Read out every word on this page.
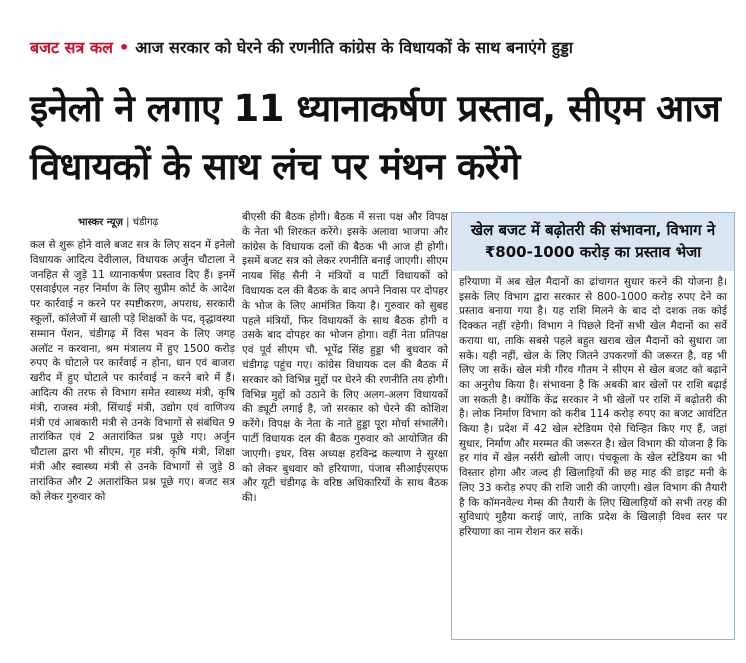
बजट सत्र कल • आज सरकार को घेरने की रणनीति कांग्रेस के विधायकों के साथ बनाएंगे हुड्डा
इनेलो ने लगाए 11 ध्यानाकर्षण प्रस्ताव, सीएम आज विधायकों के साथ लंच पर मंथन करेंगे
भास्कर न्यूज़ | चंडीगढ़
कल से शुरू होने वाले बजट सत्र के लिए सदन में इनेलो विधायक आदित्य देवीलाल, विधायक अर्जुन चौटाला ने जनहित से जुड़े 11 ध्यानाकर्षण प्रस्ताव दिए हैं। इनमें एसवाईएल नहर निर्माण के लिए सुप्रीम कोर्ट के आदेश पर कार्रवाई न करने पर स्पष्टीकरण, अपराध, सरकारी स्कूलों, कॉलेजों में खाली पड़े शिक्षकों के पद, वृद्धावस्था सम्मान पेंशन, चंडीगढ़ में विस भवन के लिए जगह अलॉट न करवाना, श्रम मंत्रालय में हुए 1500 करोड़ रुपए के घोटाले पर कार्रवाई न होना, धान एवं बाजरा खरीद में हुए घोटाले पर कार्रवाई न करने बारे में हैं। आदित्य की तरफ से विभाग समेत स्वास्थ्य मंत्री, कृषि मंत्री, राजस्व मंत्री, सिंचाई मंत्री, उद्योग एवं वाणिज्य मंत्री एवं आबकारी मंत्री से उनके विभागों से संबंधित 9 तारांकित एवं 2 अतारांकित प्रश्न पूछे गए। अर्जुन चौटाला द्वारा भी सीएम, गृह मंत्री, कृषि मंत्री, शिक्षा मंत्री और स्वास्थ्य मंत्री से उनके विभागों से जुड़े 8 तारांकित और 2 अतारांकित प्रश्न पूछे गए। बजट सत्र को लेकर गुरुवार को
बीएसी की बैठक होगी। बैठक में सत्ता पक्ष और विपक्ष के नेता भी शिरकत करेंगे। इसके अलावा भाजपा और कांग्रेस के विधायक दलों की बैठक भी आज ही होगी। इसमें बजट सत्र को लेकर रणनीति बनाई जाएगी। सीएम नायब सिंह सैनी ने मंत्रियों व पार्टी विधायकों को विधायक दल की बैठक के बाद अपने निवास पर दोपहर के भोज के लिए आमंत्रित किया है। गुरुवार को सुबह पहले मंत्रियों, फिर विधायकों के साथ बैठक होगी व उसके बाद दोपहर का भोजन होगा। वहीं नेता प्रतिपक्ष एवं पूर्व सीएम चौ. भूपेंद्र सिंह हुड्डा भी बुधवार को चंडीगढ़ पहुंच गए। कांग्रेस विधायक दल की बैठक में सरकार को विभिन्न मुद्दों पर घेरने की रणनीति तय होगी। विभिन्न मुद्दों को उठाने के लिए अलग-अलग विधायकों की ड्यूटी लगाई है, जो सरकार को घेरने की कोशिश करेंगे। विपक्ष के नेता के नाते हुड्डा पूरा मोर्चा संभालेंगे। पार्टी विधायक दल की बैठक गुरुवार को आयोजित की जाएगी। इधर, विस अध्यक्ष हरविन्द्र कल्याण ने सुरक्षा को लेकर बुधवार को हरियाणा, पंजाब सीआईएसएफ और यूटी चंडीगढ़ के वरिष्ठ अधिकारियों के साथ बैठक की।
खेल बजट में बढ़ोतरी की संभावना, विभाग ने ₹800-1000 करोड़ का प्रस्ताव भेजा
हरियाणा में अब खेल मैदानों का ढांचागत सुधार करने की योजना है। इसके लिए विभाग द्वारा सरकार से 800-1000 करोड़ रुपए देने का प्रस्ताव बनाया गया है। यह राशि मिलने के बाद दो दशक तक कोई दिक्कत नहीं रहेगी। विभाग ने पिछले दिनों सभी खेल मैदानों का सर्वे कराया था, ताकि सबसे पहले बहुत खराब खेल मैदानों को सुधारा जा सके। यही नहीं, खेल के लिए जितने उपकरणों की जरूरत है, वह भी लिए जा सकें। खेल मंत्री गौरव गौतम ने सीएम से खेल बजट को बढ़ाने का अनुरोध किया है। संभावना है कि अबकी बार खेलों पर राशि बढ़ाई जा सकती है। क्योंकि केंद्र सरकार ने भी खेलों पर राशि में बढ़ोतरी की है। लोक निर्माण विभाग को करीब 114 करोड़ रुपए का बजट आवंटित किया है। प्रदेश में 42 खेल स्टेडियम ऐसे चिन्हित किए गए हैं, जहां सुधार, निर्माण और मरम्मत की जरूरत है। खेल विभाग की योजना है कि हर गांव में खेल नर्सरी खोली जाए। पंचकूला के खेल स्टेडियम का भी विस्तार होगा और जल्द ही खिलाड़ियों की छह माह की डाइट मनी के लिए 33 करोड़ रुपए की राशि जारी की जाएगी। खेल विभाग की तैयारी है कि कॉमनवेल्थ गेम्स की तैयारी के लिए खिलाड़ियों को सभी तरह की सुविधाएं मुहैया कराई जाएं, ताकि प्रदेश के खिलाड़ी विश्व स्तर पर हरियाणा का नाम रोशन कर सकें।
